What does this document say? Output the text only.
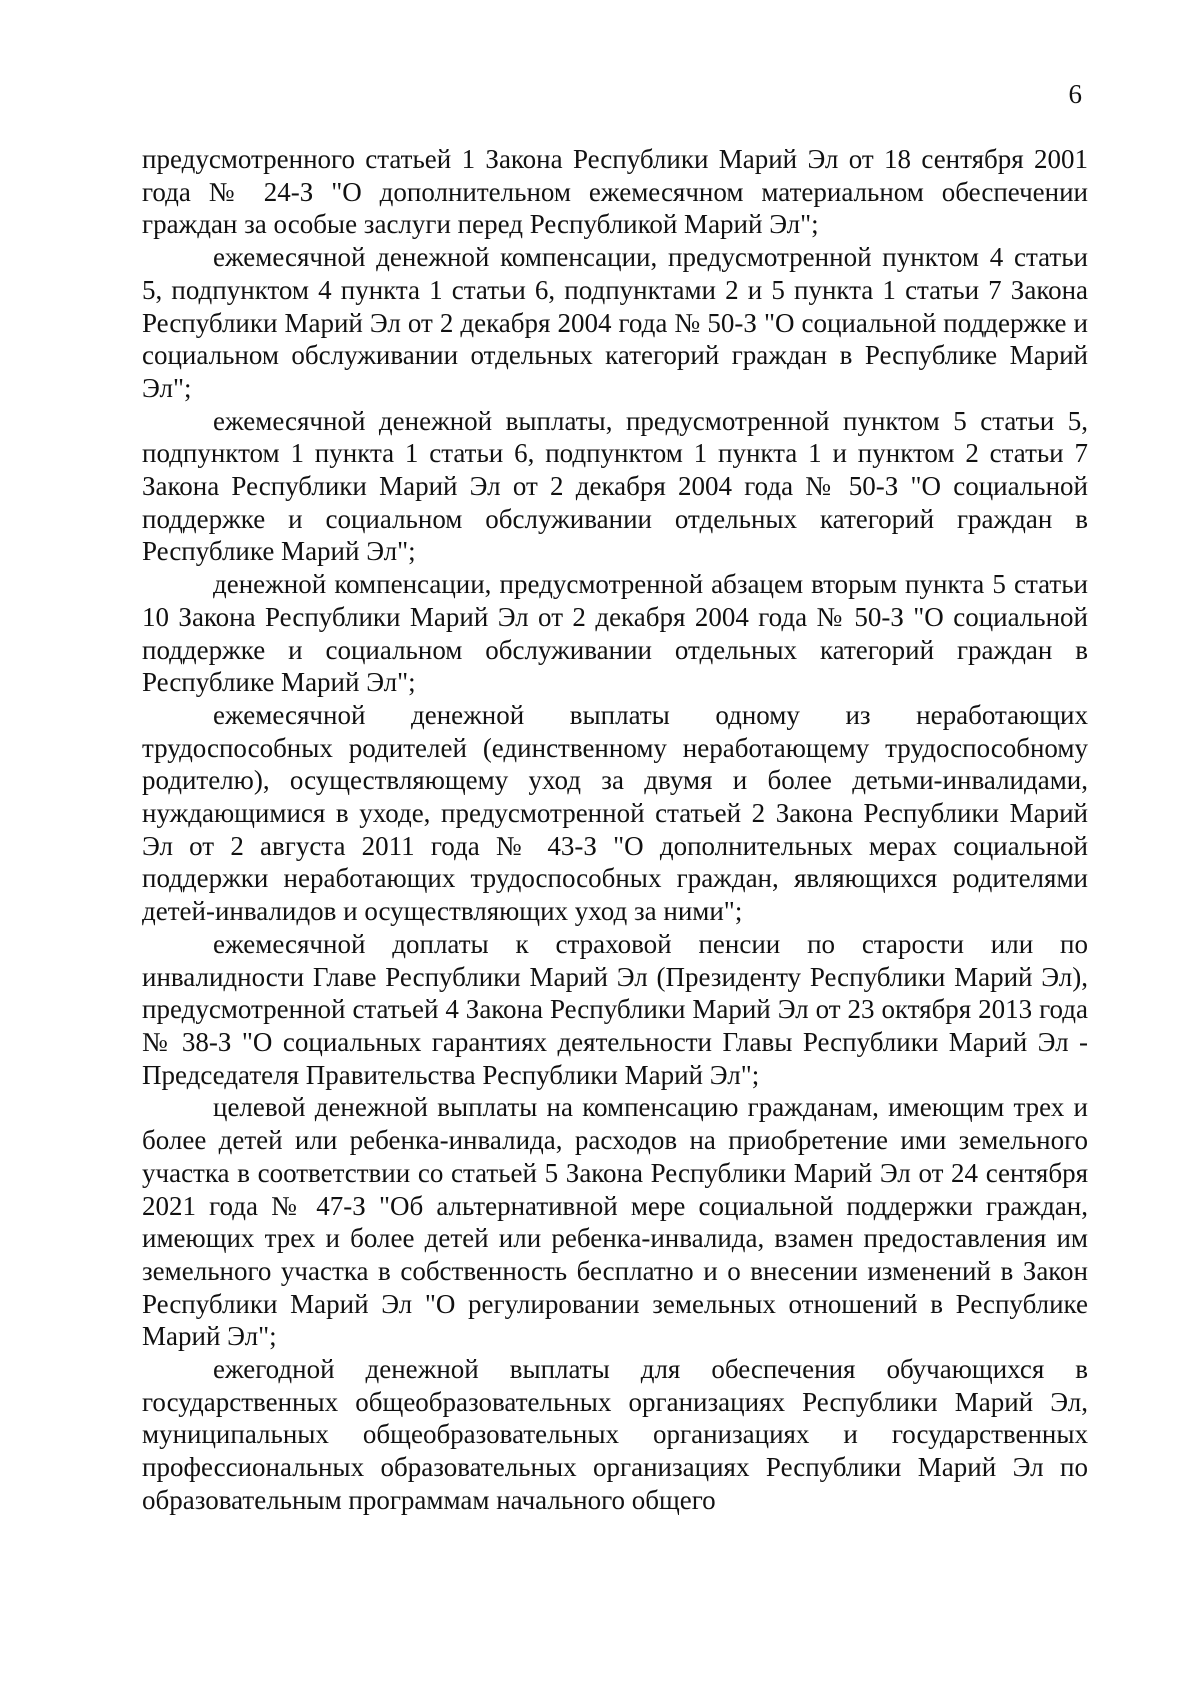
6

предусмотренного статьей 1 Закона Республики Марий Эл от 18 сентября 2001 года № 24-З "О дополнительном ежемесячном материальном обеспечении граждан за особые заслуги перед Республикой Марий Эл";

ежемесячной денежной компенсации, предусмотренной пунктом 4 статьи 5, подпунктом 4 пункта 1 статьи 6, подпунктами 2 и 5 пункта 1 статьи 7 Закона Республики Марий Эл от 2 декабря 2004 года № 50-З "О социальной поддержке и социальном обслуживании отдельных категорий граждан в Республике Марий Эл";

ежемесячной денежной выплаты, предусмотренной пунктом 5 статьи 5, подпунктом 1 пункта 1 статьи 6, подпунктом 1 пункта 1 и пунктом 2 статьи 7 Закона Республики Марий Эл от 2 декабря 2004 года № 50-З "О социальной поддержке и социальном обслуживании отдельных категорий граждан в Республике Марий Эл";

денежной компенсации, предусмотренной абзацем вторым пункта 5 статьи 10 Закона Республики Марий Эл от 2 декабря 2004 года № 50-З "О социальной поддержке и социальном обслуживании отдельных категорий граждан в Республике Марий Эл";

ежемесячной денежной выплаты одному из неработающих трудоспособных родителей (единственному неработающему трудоспособному родителю), осуществляющему уход за двумя и более детьми-инвалидами, нуждающимися в уходе, предусмотренной статьей 2 Закона Республики Марий Эл от 2 августа 2011 года № 43-З "О дополнительных мерах социальной поддержки неработающих трудоспособных граждан, являющихся родителями детей-инвалидов и осуществляющих уход за ними";

ежемесячной доплаты к страховой пенсии по старости или по инвалидности Главе Республики Марий Эл (Президенту Республики Марий Эл), предусмотренной статьей 4 Закона Республики Марий Эл от 23 октября 2013 года № 38-З "О социальных гарантиях деятельности Главы Республики Марий Эл - Председателя Правительства Республики Марий Эл";

целевой денежной выплаты на компенсацию гражданам, имеющим трех и более детей или ребенка-инвалида, расходов на приобретение ими земельного участка в соответствии со статьей 5 Закона Республики Марий Эл от 24 сентября 2021 года № 47-З "Об альтернативной мере социальной поддержки граждан, имеющих трех и более детей или ребенка-инвалида, взамен предоставления им земельного участка в собственность бесплатно и о внесении изменений в Закон Республики Марий Эл "О регулировании земельных отношений в Республике Марий Эл";

ежегодной денежной выплаты для обеспечения обучающихся в государственных общеобразовательных организациях Республики Марий Эл, муниципальных общеобразовательных организациях и государственных профессиональных образовательных организациях Республики Марий Эл по образовательным программам начального общего
